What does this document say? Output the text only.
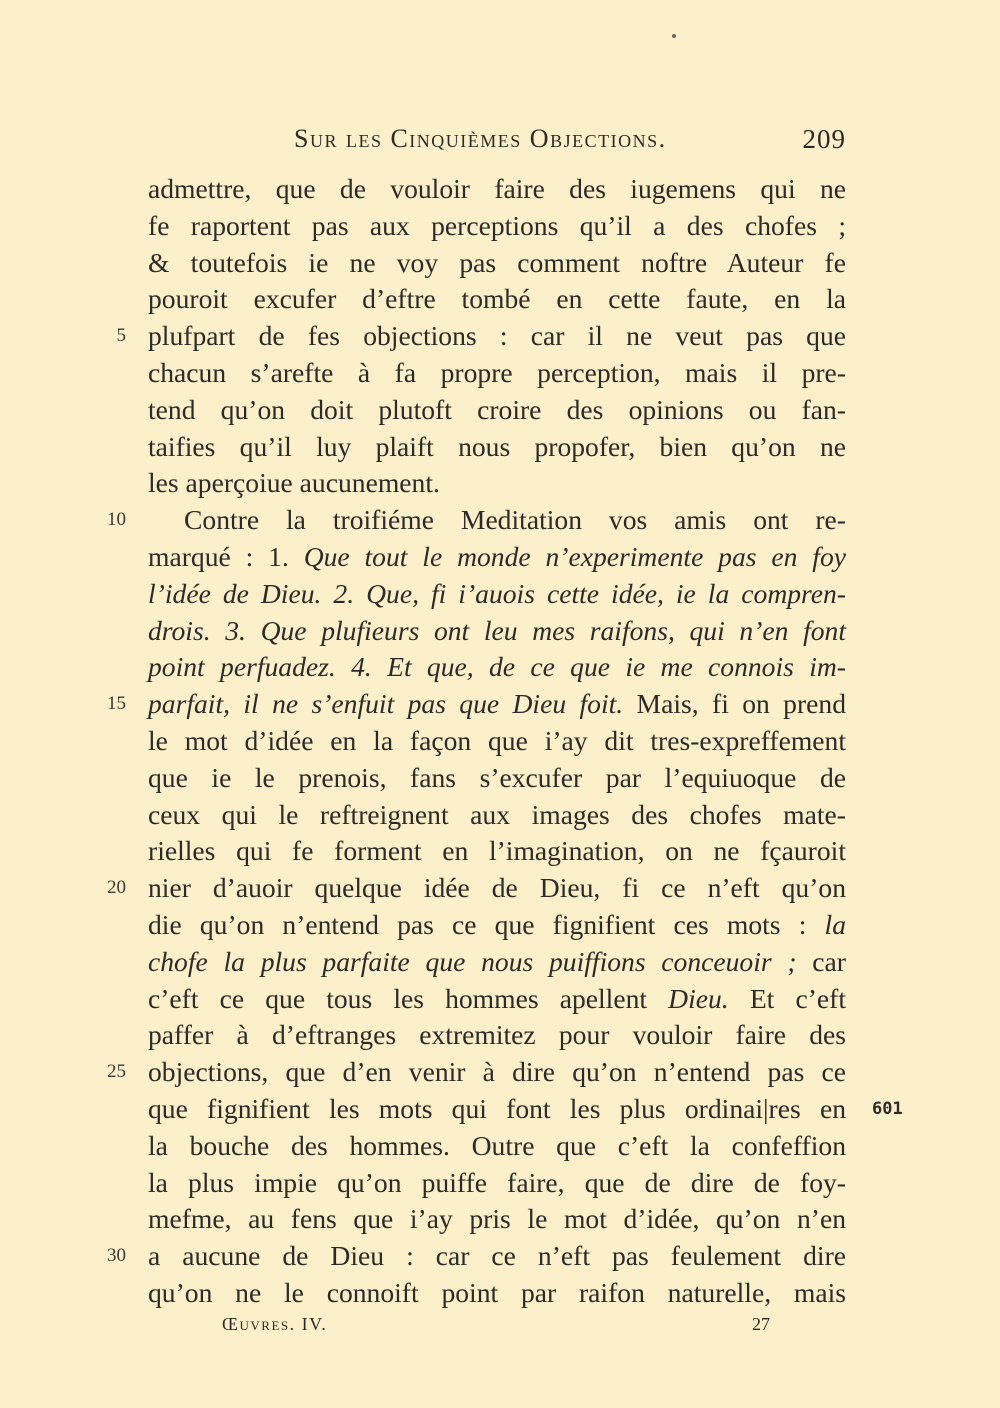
Sur les Cinquièmes Objections.	209
admettre, que de vouloir faire des iugemens qui ne
fe raportent pas aux perceptions qu’il a des chofes ;
& toutefois ie ne voy pas comment noftre Auteur fe
pouroit excufer d’eftre tombé en cette faute, en la
plufpart de fes objections : car il ne veut pas que
5
chacun s’arefte à fa propre perception, mais il pre-
tend qu’on doit plutoft croire des opinions ou fan-
taifies qu’il luy plaift nous propofer, bien qu’on ne
les aperçoiue aucunement.
Contre la troifiéme Meditation vos amis ont re-
10
marqué : 1. Que tout le monde n’experimente pas en foy
l’idée de Dieu. 2. Que, fi i’auois cette idée, ie la compren-
drois. 3. Que plufieurs ont leu mes raifons, qui n’en font
point perfuadez. 4. Et que, de ce que ie me connois im-
parfait, il ne s’enfuit pas que Dieu foit. Mais, fi on prend
15
le mot d’idée en la façon que i’ay dit tres-expreffement
que ie le prenois, fans s’excufer par l’equiuoque de
ceux qui le reftreignent aux images des chofes mate-
rielles qui fe forment en l’imagination, on ne fçauroit
nier d’auoir quelque idée de Dieu, fi ce n’eft qu’on
20
die qu’on n’entend pas ce que fignifient ces mots : la
chofe la plus parfaite que nous puiffions conceuoir ; car
c’eft ce que tous les hommes apellent Dieu. Et c’eft
paffer à d’eftranges extremitez pour vouloir faire des
objections, que d’en venir à dire qu’on n’entend pas ce
25
que fignifient les mots qui font les plus ordinai|res en 601
la bouche des hommes. Outre que c’eft la confeffion
la plus impie qu’on puiffe faire, que de dire de foy-
mefme, au fens que i’ay pris le mot d’idée, qu’on n’en
a aucune de Dieu : car ce n’eft pas feulement dire
30
qu’on ne le connoift point par raifon naturelle, mais
Œuvres. IV.	27
